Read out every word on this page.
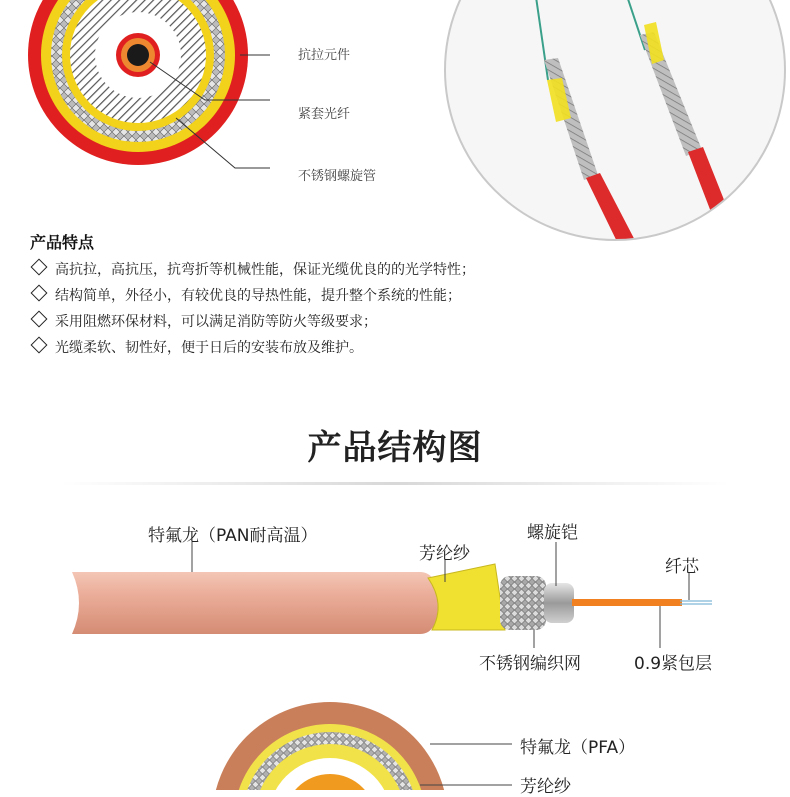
抗拉元件
紧套光纤
不锈钢螺旋管
产品特点
高抗拉，高抗压，抗弯折等机械性能，保证光缆优良的的光学特性；
结构简单，外径小，有较优良的导热性能，提升整个系统的性能；
采用阻燃环保材料，可以满足消防等防火等级要求；
光缆柔软、韧性好，便于日后的安装布放及维护。
产品结构图
特氟龙（PAN耐高温）
芳纶纱
螺旋铠
纤芯
不锈钢编织网	0.9紧包层
特氟龙（PFA）
芳纶纱
